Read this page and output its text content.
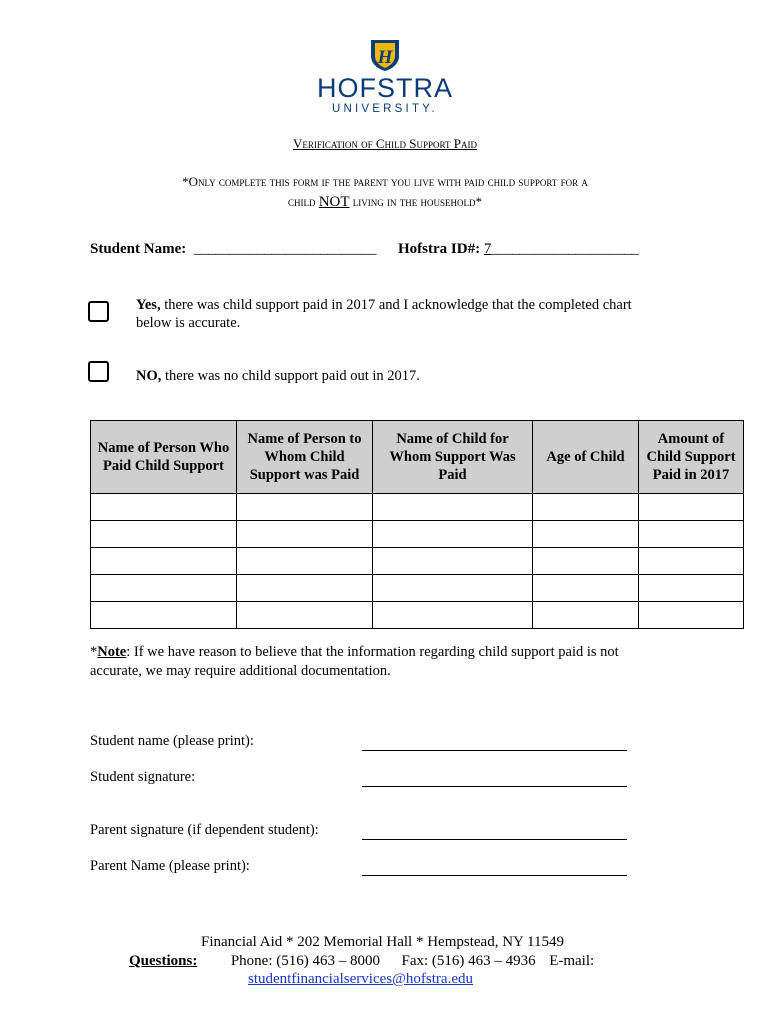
H
HOFSTRA
UNIVERSITY.
Verification of Child Support Paid
*Only complete this form if the parent you live with paid child support for a
child NOT living in the household*
Student Name: __________________________ Hofstra ID#: 7_____________________
Yes, there was child support paid in 2017 and I acknowledge that the completed chart
below is accurate.
NO, there was no child support paid out in 2017.
Name of Person Who Paid Child Support	Name of Person to Whom Child Support was Paid	Name of Child for Whom Support Was Paid	Age of Child	Amount of Child Support Paid in 2017

*Note: If we have reason to believe that the information regarding child support paid is not accurate, we may require additional documentation.
Student name (please print):
Student signature:
Parent signature (if dependent student):
Parent Name (please print):
Financial Aid * 202 Memorial Hall * Hempstead, NY 11549
Questions: Phone: (516) 463 – 8000 Fax: (516) 463 – 4936 E-mail:
studentfinancialservices@hofstra.edu
